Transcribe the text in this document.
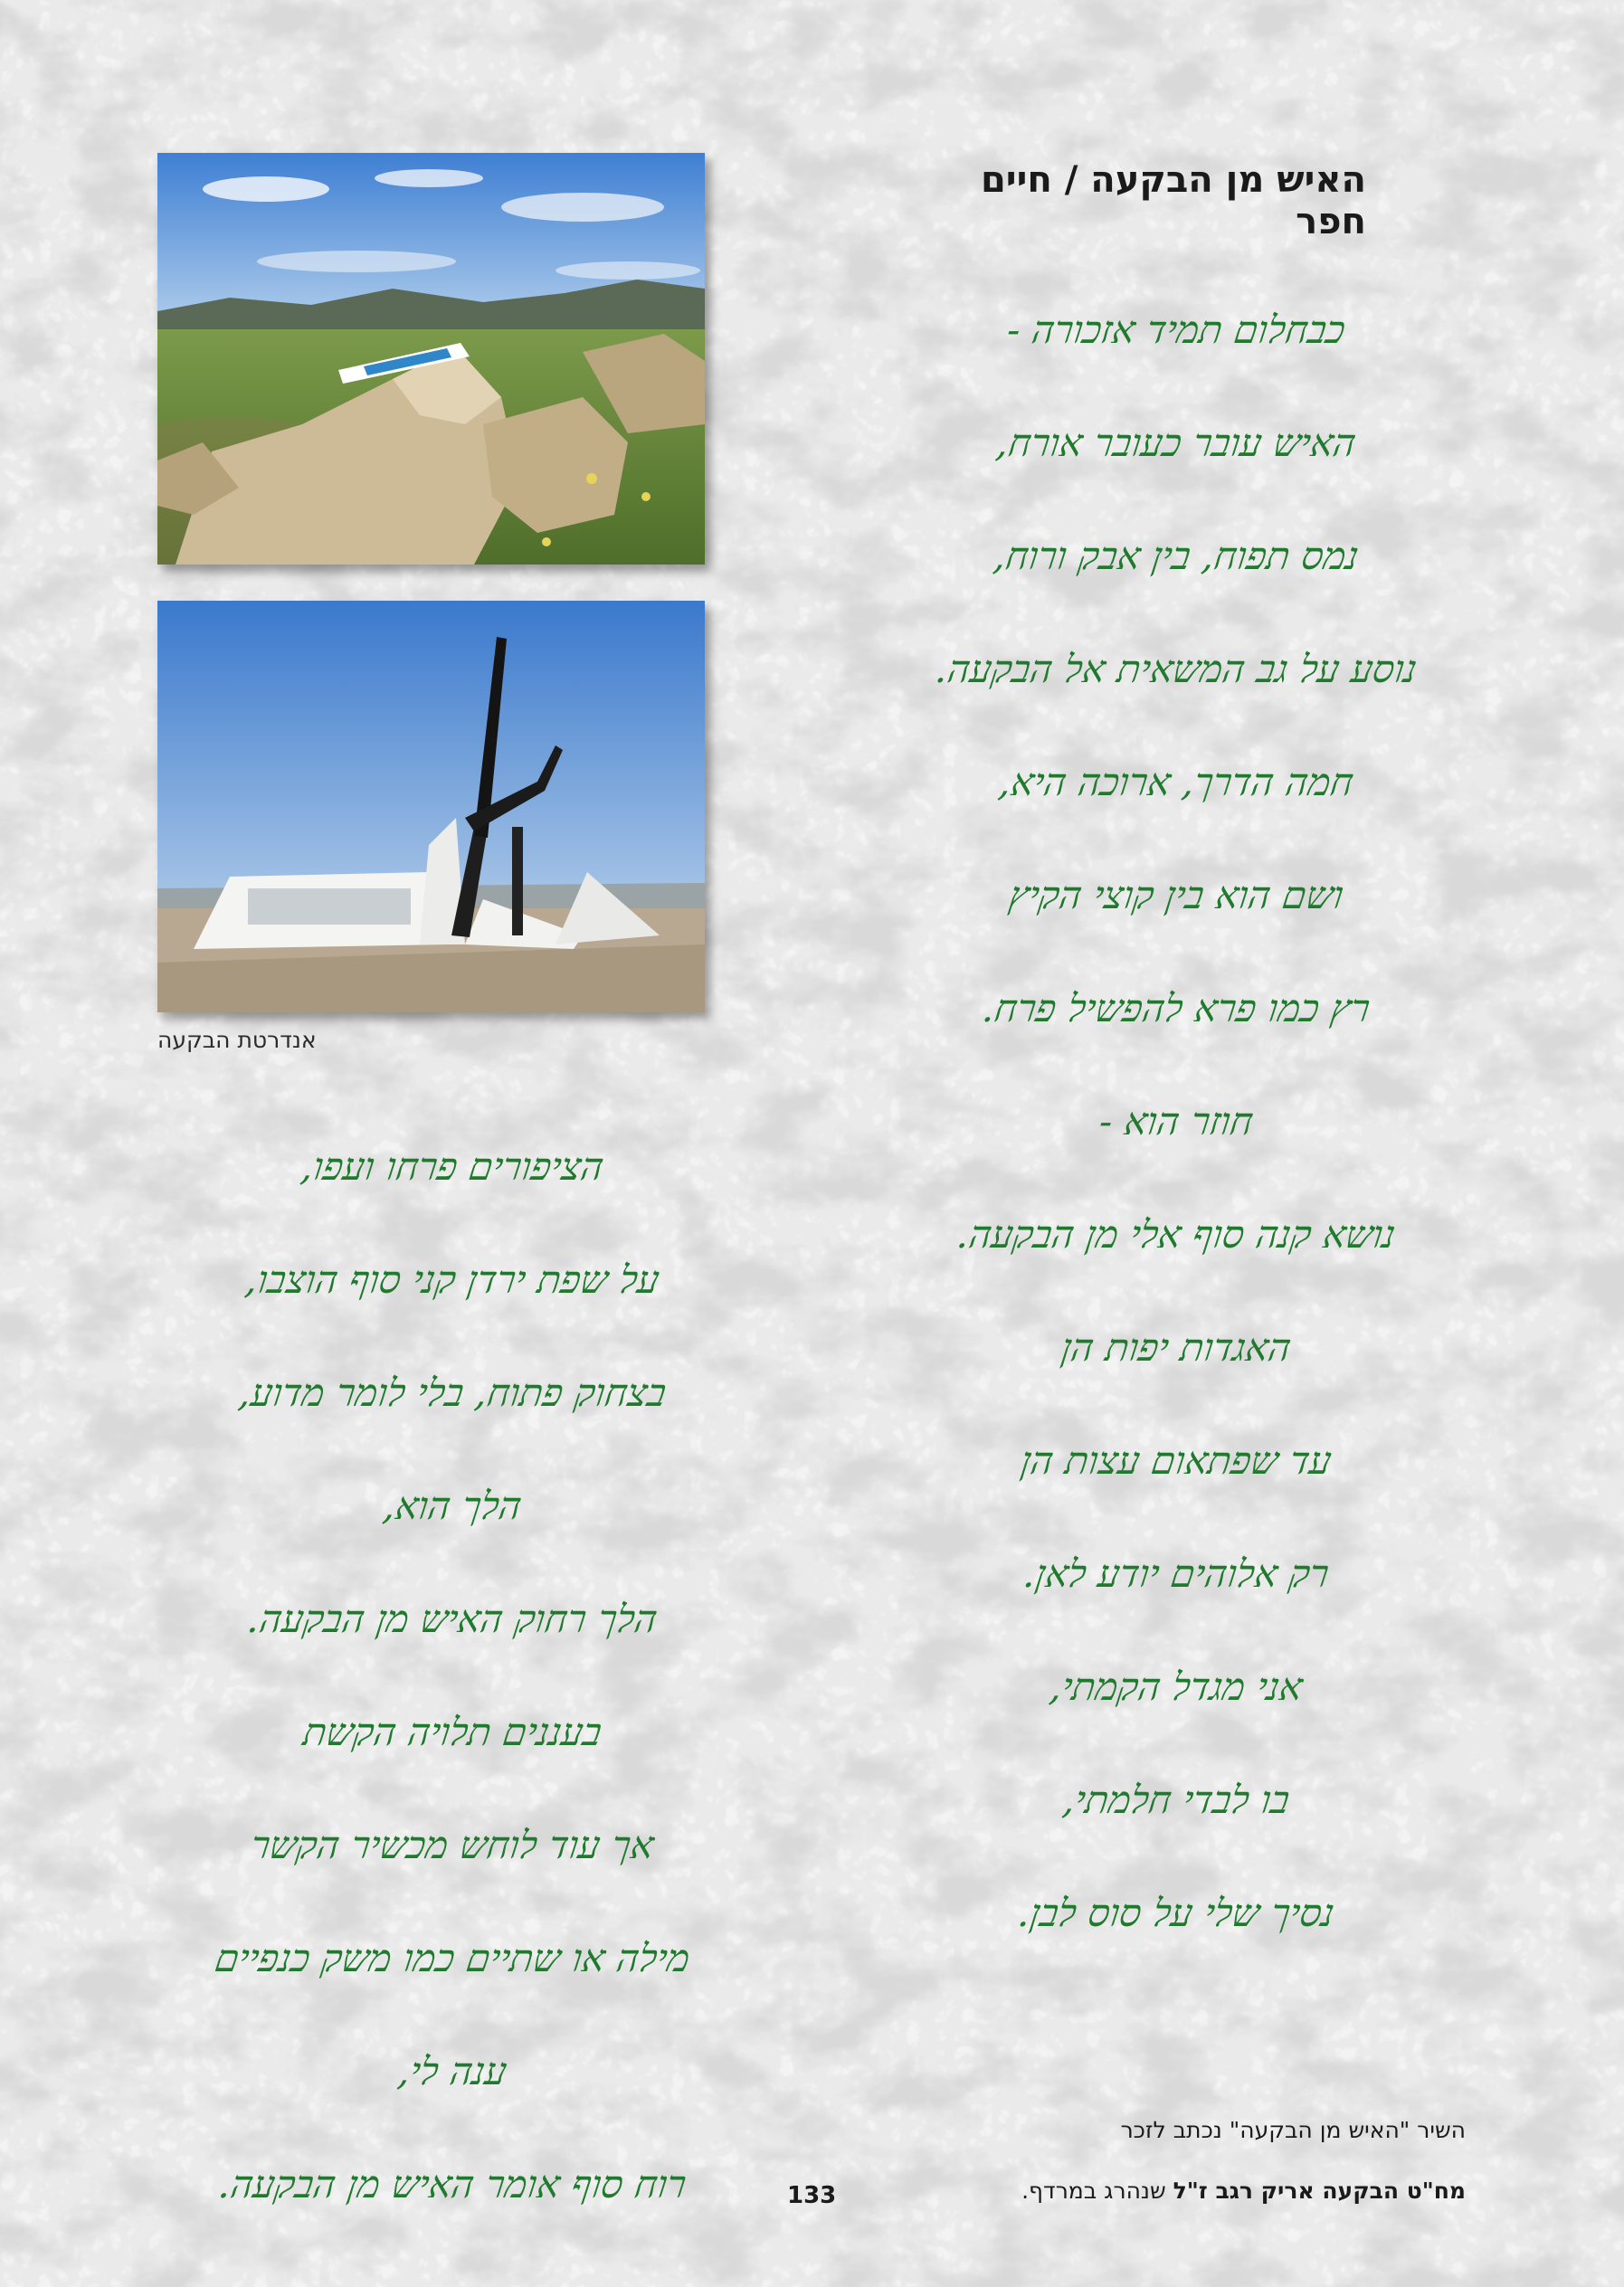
האיש מן הבקעה / חיים חפר
כבחלום תמיד אזכורה -
האיש עובר כעובר אורח,
נמס תפוח, בין אבק ורוח,
נוסע על גב המשאית אל הבקעה.
חמה הדרך, ארוכה היא,
ושם הוא בין קוצי הקיץ
רץ כמו פרא להפשיל פרח.
חוזר הוא -
נושא קנה סוף אלי מן הבקעה.
האגדות יפות הן
עד שפתאום עצות הן
רק אלוהים יודע לאן.
אני מגדל הקמתי,
בו לבדי חלמתי,
נסיך שלי על סוס לבן.
אנדרטת הבקעה
הציפורים פרחו ועפו,
על שפת ירדן קני סוף הוצבו,
בצחוק פתוח, בלי לומר מדוע,
הלך הוא,
הלך רחוק האיש מן הבקעה.
בעננים תלויה הקשת
אך עוד לוחש מכשיר הקשר
מילה או שתיים כמו משק כנפיים
ענה לי,
רוח סוף אומר האיש מן הבקעה.
השיר "האיש מן הבקעה" נכתב לזכר
מח"ט הבקעה אריק רגב ז"ל שנהרג במרדף.
133
